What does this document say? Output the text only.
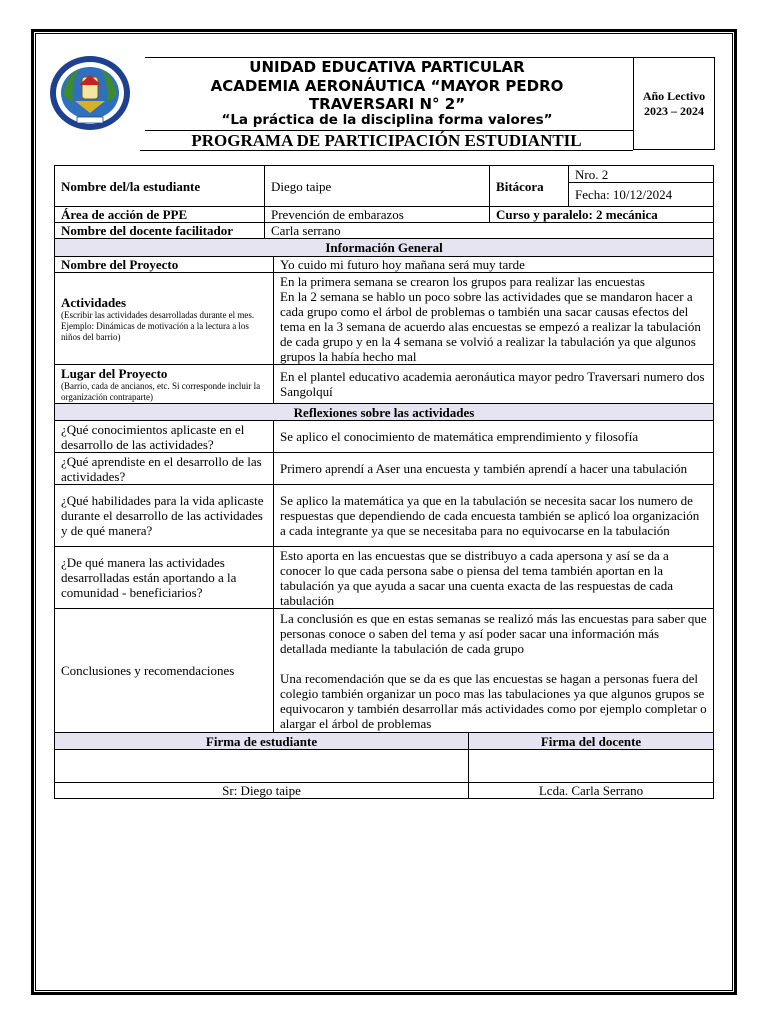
UNIDAD EDUCATIVA PARTICULAR
ACADEMIA AERONÁUTICA “MAYOR PEDRO
TRAVERSARI N° 2”
“La práctica de la disciplina forma valores”
PROGRAMA DE PARTICIPACIÓN ESTUDIANTIL
Año Lectivo
2023 – 2024
Nombre del/la estudiante	Diego taipe			Bitácora	Nro. 2
					Fecha: 10/12/2024
Área de acción de PPE	Prevención de embarazos			Curso y paralelo: 2 mecánica	
Nombre del docente facilitador	Carla serrano				
Información General					
Nombre del Proyecto		Yo cuido mi futuro hoy mañana será muy tarde			
Actividades
(Escribir las actividades desarrolladas durante el mes. Ejemplo: Dinámicas de motivación a la lectura a los niños del barrio)		En la primera semana se crearon los grupos para realizar las encuestas
En la 2 semana se hablo un poco sobre las actividades que se mandaron hacer a cada grupo como el árbol de problemas o también una sacar causas efectos del tema en la 3 semana de acuerdo alas encuestas se empezó a realizar la tabulación de cada grupo y en la 4 semana se volvió a realizar la tabulación ya que algunos grupos la había hecho mal			
Lugar del Proyecto
(Barrio, cada de ancianos, etc. Si corresponde incluir la organización contraparte)		En el plantel educativo academia aeronáutica mayor pedro Traversari numero dos Sangolquí			
Reflexiones sobre las actividades					
¿Qué conocimientos aplicaste en el desarrollo de las actividades?		Se aplico el conocimiento de matemática emprendimiento y filosofía			
¿Qué aprendiste en el desarrollo de las actividades?		Primero aprendí a Aser una encuesta y también aprendí a hacer una tabulación			
¿Qué habilidades para la vida aplicaste durante el desarrollo de las actividades y de qué manera?		Se aplico la matemática ya que en la tabulación se necesita sacar los numero de respuestas que dependiendo de cada encuesta también se aplicó loa organización a cada integrante ya que se necesitaba para no equivocarse en la tabulación			
¿De qué manera las actividades desarrolladas están aportando a la comunidad - beneficiarios?		Esto aporta en las encuestas que se distribuyo a cada apersona y así se da a conocer lo que cada persona sabe o piensa del tema también aportan en la tabulación ya que ayuda a sacar una cuenta exacta de las respuestas de cada tabulación			
Conclusiones y recomendaciones		La conclusión es que en estas semanas se realizó más las encuestas para saber que personas conoce o saben del tema y así poder sacar una información más detallada mediante la tabulación de cada grupo

Una recomendación que se da es que las encuestas se hagan a personas fuera del colegio también organizar un poco mas las tabulaciones ya que algunos grupos se equivocaron y también desarrollar más actividades como por ejemplo completar o alargar el árbol de problemas			
Firma de estudiante			Firma del docente		

Sr: Diego taipe			Lcda. Carla Serrano		
